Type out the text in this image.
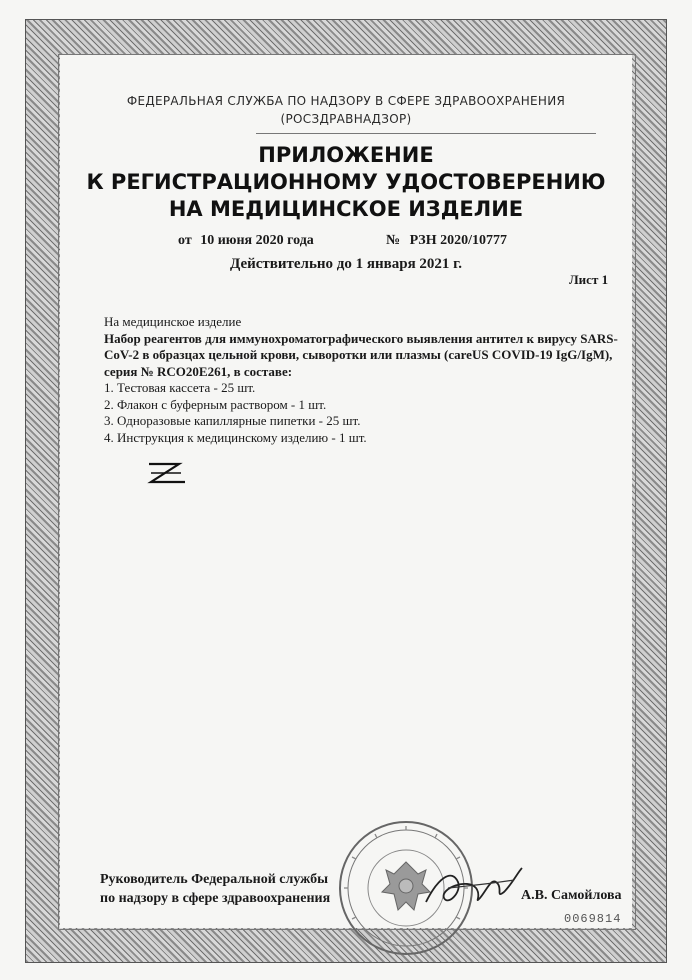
ФЕДЕРАЛЬНАЯ СЛУЖБА ПО НАДЗОРУ В СФЕРЕ ЗДРАВООХРАНЕНИЯ
(РОСЗДРАВНАДЗОР)
ПРИЛОЖЕНИЕ
К РЕГИСТРАЦИОННОМУ УДОСТОВЕРЕНИЮ
НА МЕДИЦИНСКОЕ ИЗДЕЛИЕ
от 10 июня 2020 года	№ РЗН 2020/10777
Действительно до 1 января 2021 г.
Лист 1
На медицинское изделие
Набор реагентов для иммунохроматографического выявления антител к вирусу SARS-CoV-2 в образцах цельной крови, сыворотки или плазмы (careUS COVID-19 IgG/IgM), серия № RCO20E261, в составе:
1. Тестовая кассета - 25 шт.
2. Флакон с буферным раствором - 1 шт.
3. Одноразовые капиллярные пипетки - 25 шт.
4. Инструкция к медицинскому изделию - 1 шт.
Руководитель Федеральной службы
по надзору в сфере здравоохранения	А.В. Самойлова
0069814
